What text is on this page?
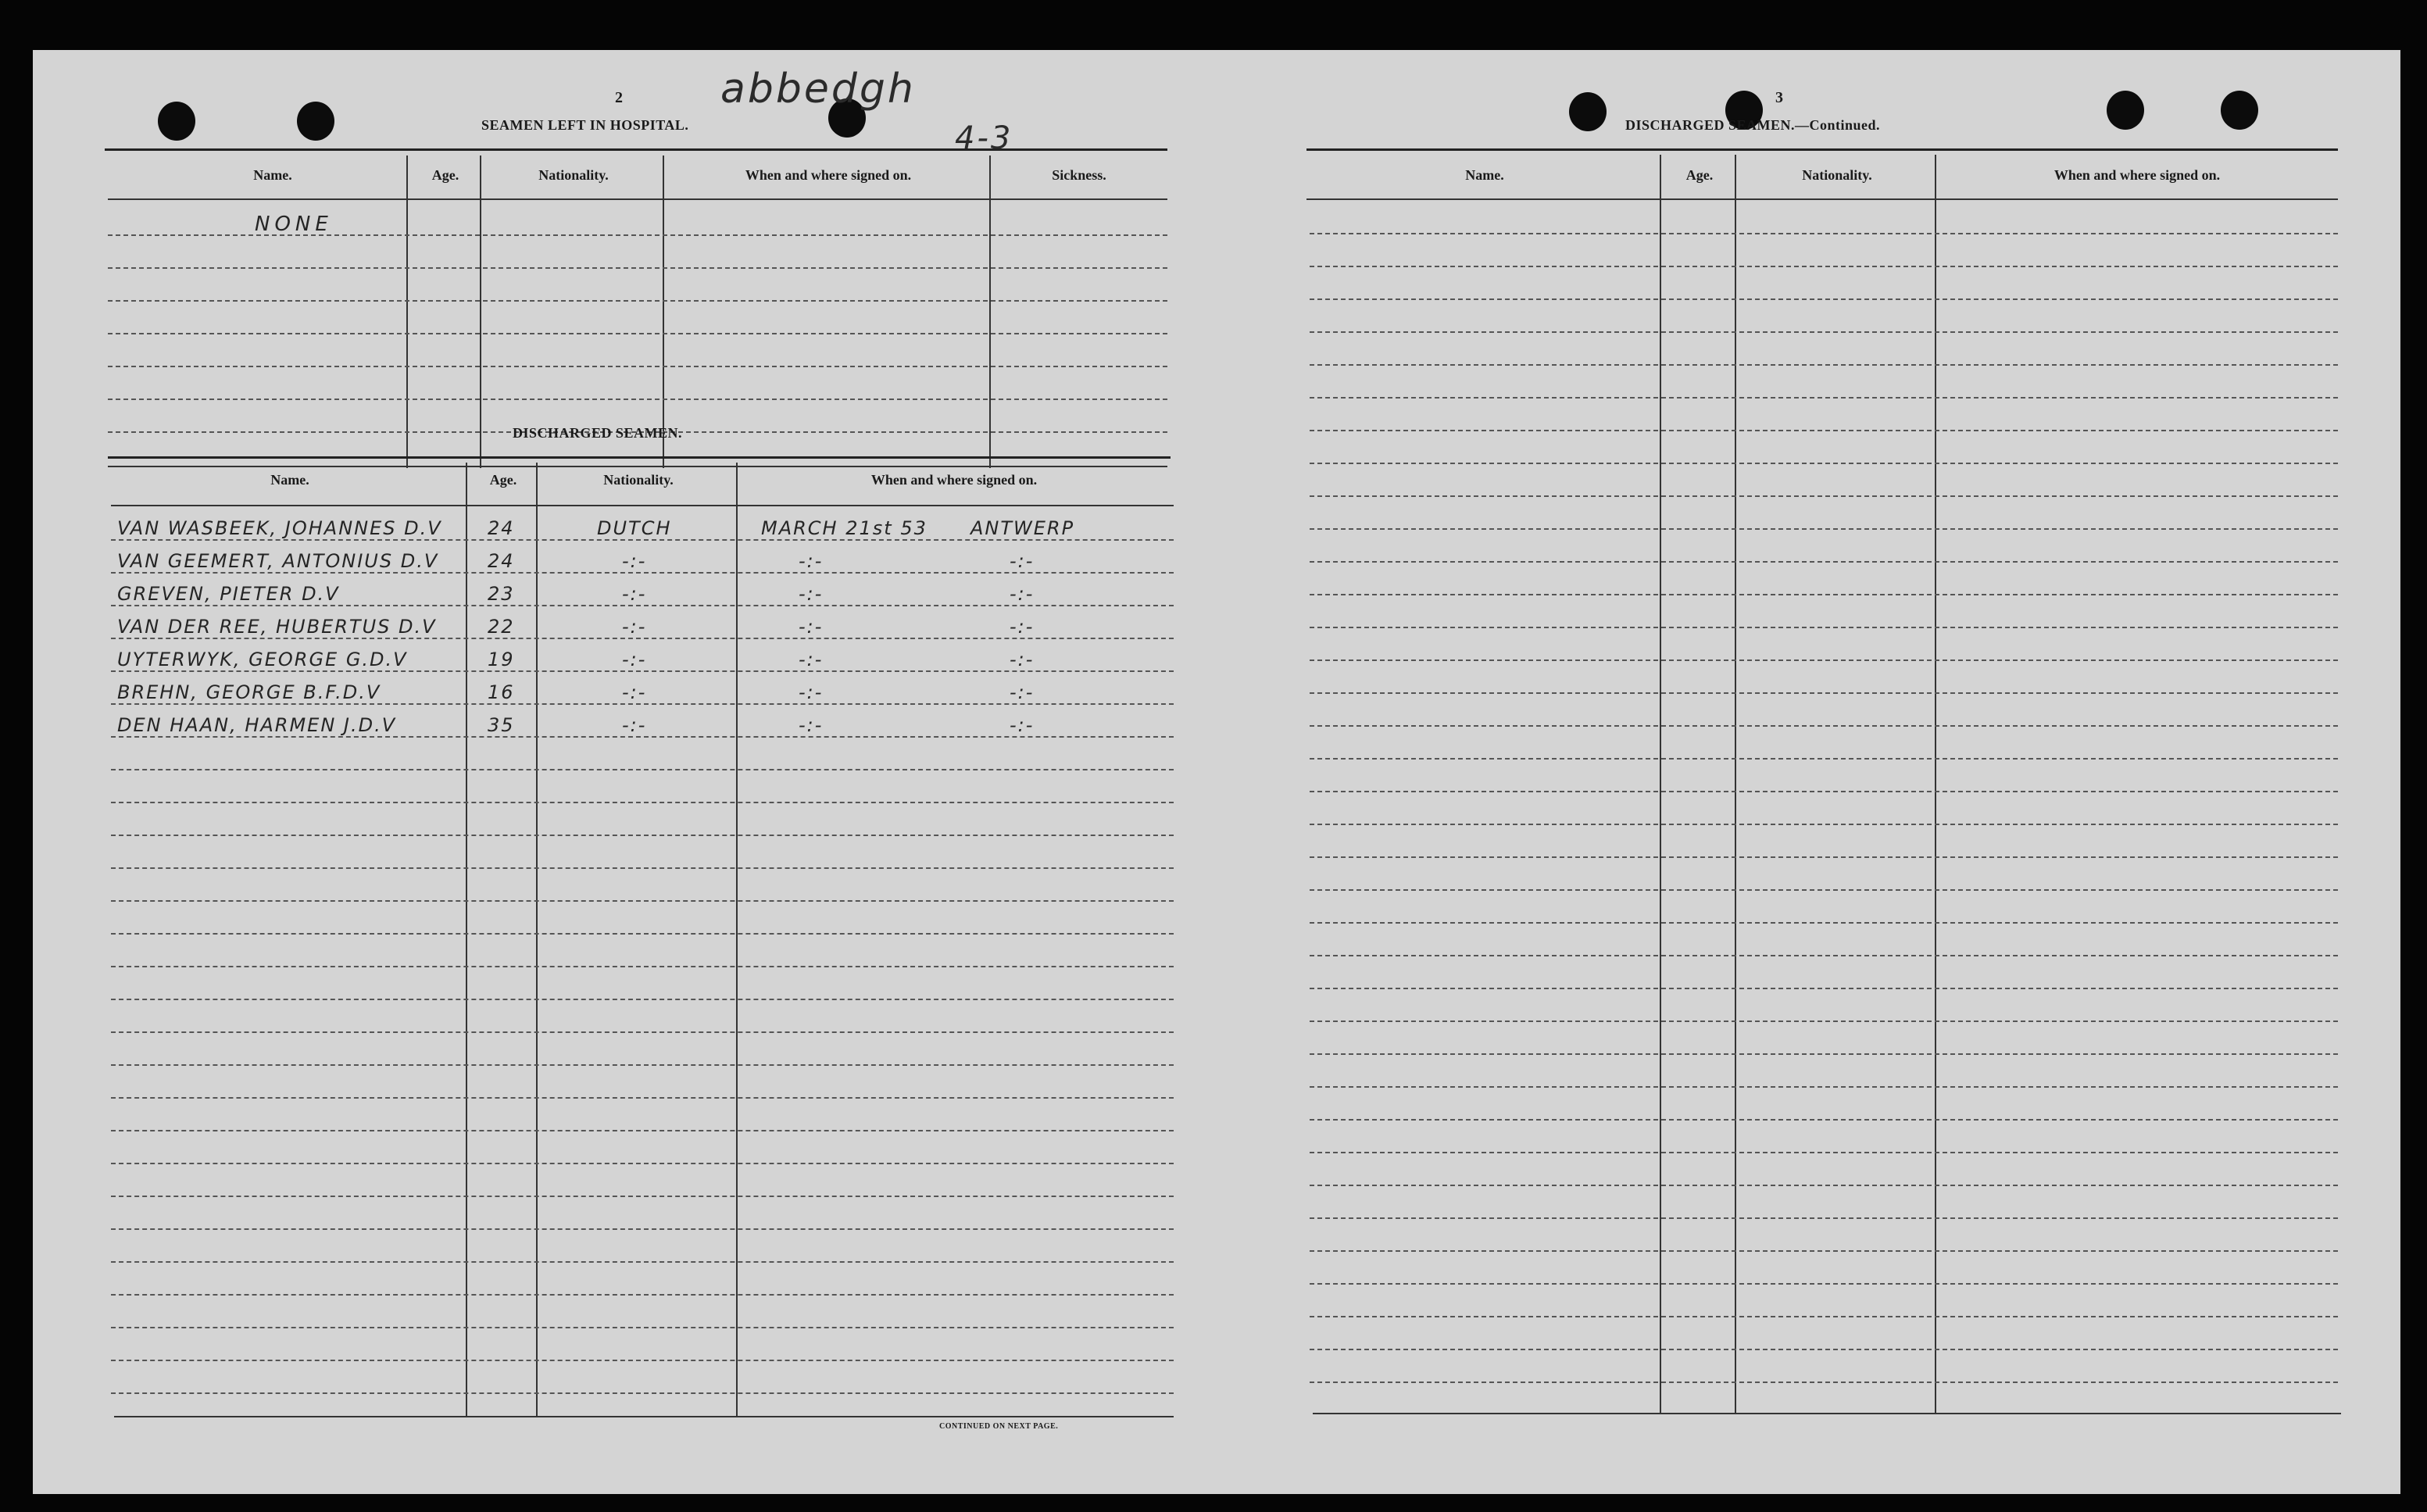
2
SEAMEN LEFT IN HOSPITAL.
abbedgh
4-3
Name.	Age.	Nationality.	When and where signed on.	Sickness.
NONE
DISCHARGED SEAMEN.
Name.	Age.	Nationality.	When and where signed on.
VAN WASBEEK, JOHANNES D.V 24	DUTCH	MARCH 21st 53 ANTWERP
VAN GEEMERT, ANTONIUS D.V	24	-:-	-:-	-:-
GREVEN, PIETER D.V	23	-:-	-:-	-:-
VAN DER REE, HUBERTUS D.V	22	-:-	-:-	-:-
UYTERWYK, GEORGE G.D.V	19	-:-	-:-	-:-
BREHN, GEORGE B.F.D.V	16	-:-	-:-	-:-
DEN HAAN, HARMEN J.D.V	35	-:-	-:-	-:-
CONTINUED ON NEXT PAGE.
3
DISCHARGED SEAMEN.—Continued.
Name.	Age.	Nationality.	When and where signed on.
